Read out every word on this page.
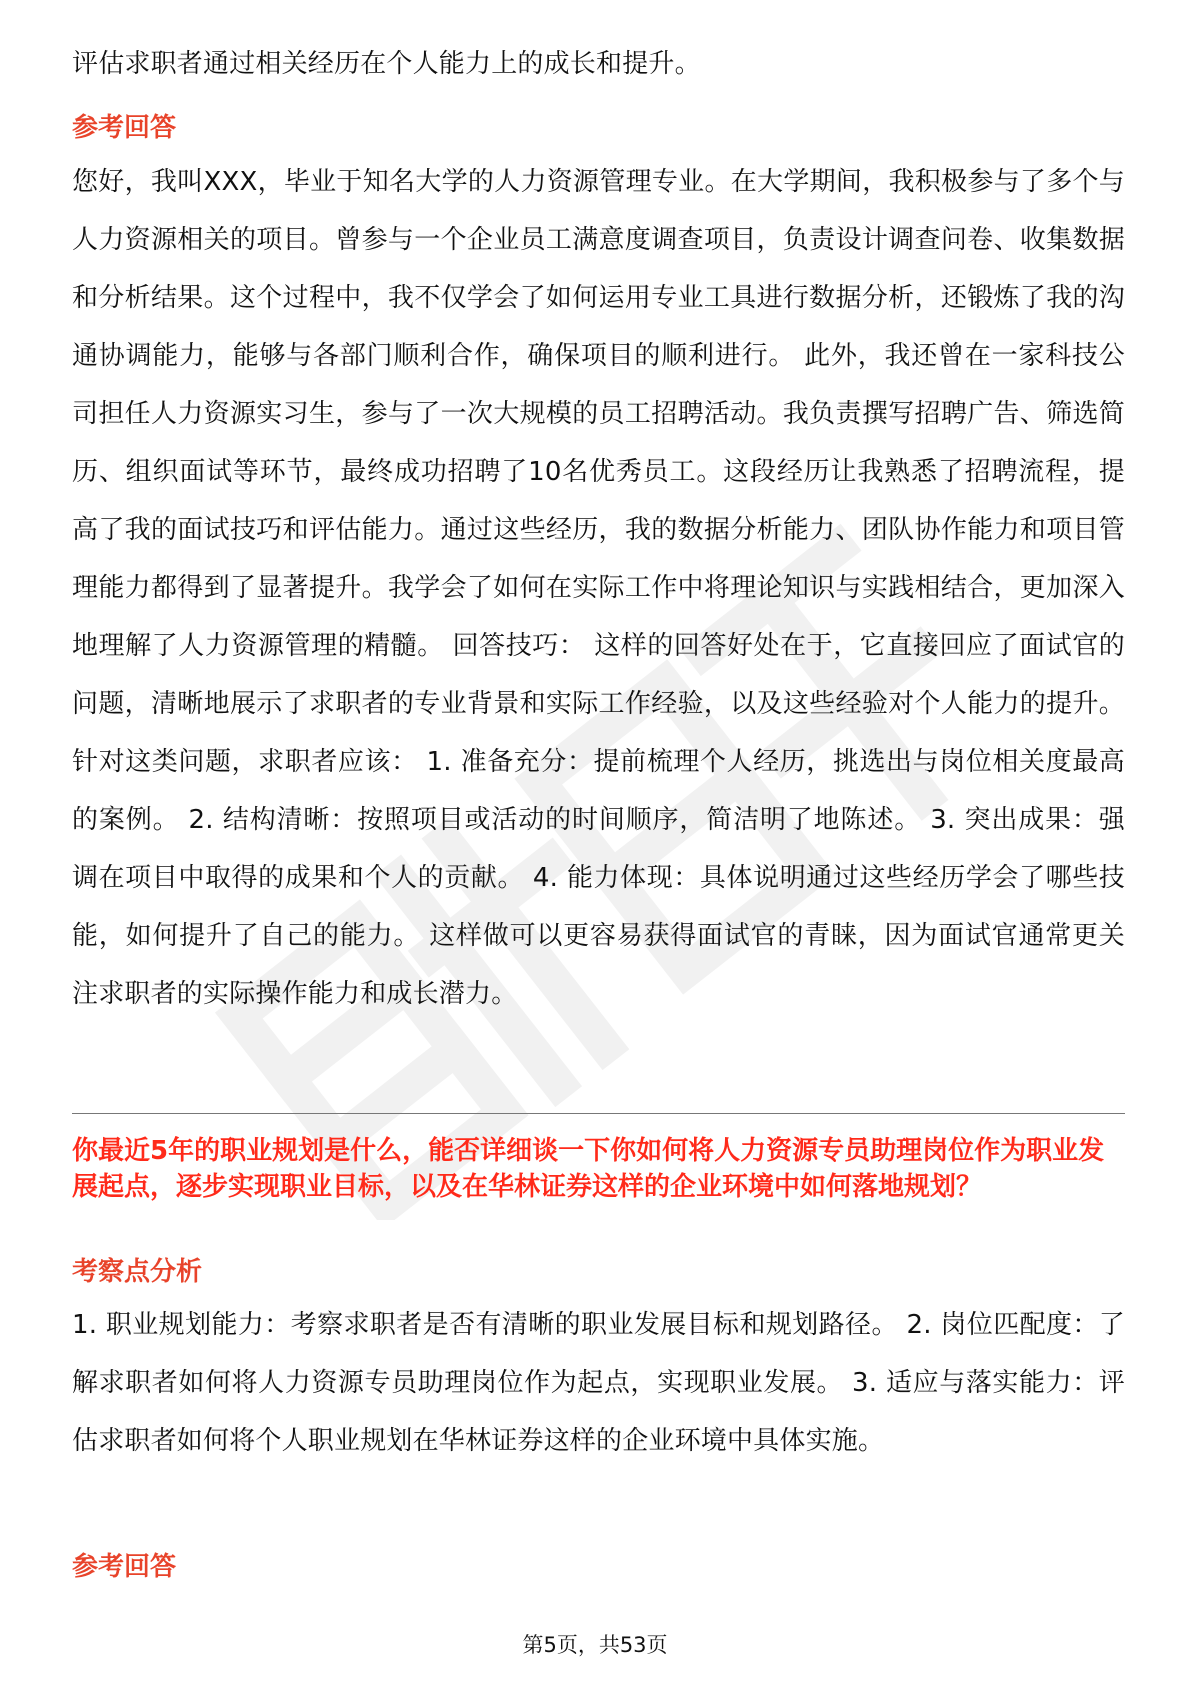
评估求职者通过相关经历在个人能力上的成长和提升。

参考回答

您好，我叫XXX，毕业于知名大学的人力资源管理专业。在大学期间，我积极参与了多个与人力资源相关的项目。曾参与一个企业员工满意度调查项目，负责设计调查问卷、收集数据和分析结果。这个过程中，我不仅学会了如何运用专业工具进行数据分析，还锻炼了我的沟通协调能力，能够与各部门顺利合作，确保项目的顺利进行。 此外，我还曾在一家科技公司担任人力资源实习生，参与了一次大规模的员工招聘活动。我负责撰写招聘广告、筛选简历、组织面试等环节，最终成功招聘了10名优秀员工。这段经历让我熟悉了招聘流程，提高了我的面试技巧和评估能力。通过这些经历，我的数据分析能力、团队协作能力和项目管理能力都得到了显著提升。我学会了如何在实际工作中将理论知识与实践相结合，更加深入地理解了人力资源管理的精髓。 回答技巧： 这样的回答好处在于，它直接回应了面试官的问题，清晰地展示了求职者的专业背景和实际工作经验，以及这些经验对个人能力的提升。针对这类问题，求职者应该： 1. 准备充分：提前梳理个人经历，挑选出与岗位相关度最高的案例。 2. 结构清晰：按照项目或活动的时间顺序，简洁明了地陈述。 3. 突出成果：强调在项目中取得的成果和个人的贡献。 4. 能力体现：具体说明通过这些经历学会了哪些技能，如何提升了自己的能力。 这样做可以更容易获得面试官的青睐，因为面试官通常更关注求职者的实际操作能力和成长潜力。

你最近5年的职业规划是什么，能否详细谈一下你如何将人力资源专员助理岗位作为职业发展起点，逐步实现职业目标，以及在华林证券这样的企业环境中如何落地规划？

考察点分析

1. 职业规划能力：考察求职者是否有清晰的职业发展目标和规划路径。 2. 岗位匹配度：了解求职者如何将人力资源专员助理岗位作为起点，实现职业发展。 3. 适应与落实能力：评估求职者如何将个人职业规划在华林证券这样的企业环境中具体实施。

参考回答
第5页，共53页
